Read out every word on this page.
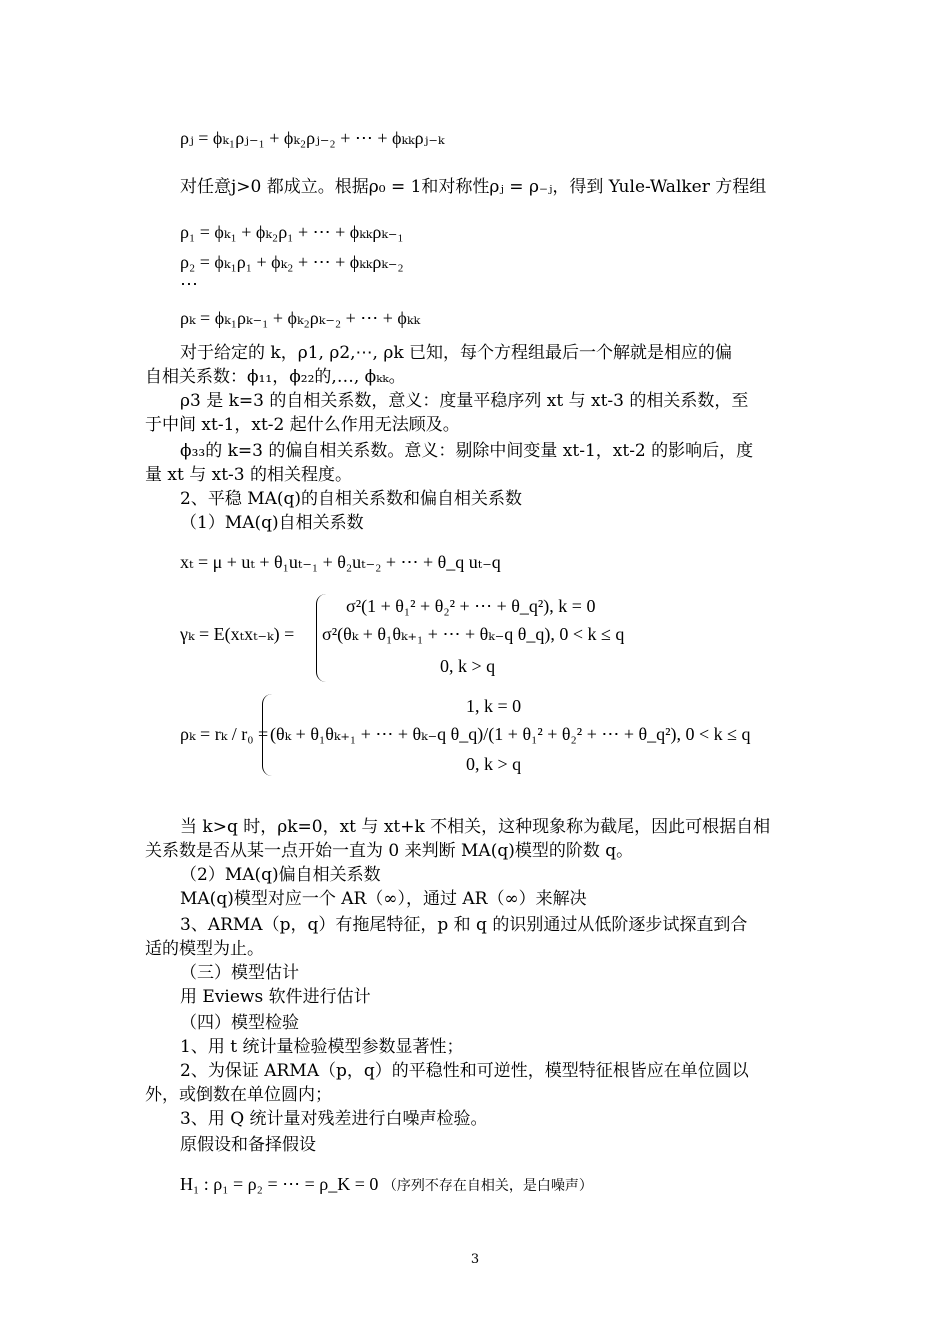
ρⱼ = ϕₖ₁ρⱼ₋₁ + ϕₖ₂ρⱼ₋₂ + ⋯ + ϕₖₖρⱼ₋ₖ
对任意j>0 都成立。根据ρ₀ = 1和对称性ρⱼ = ρ₋ⱼ，得到 Yule-Walker 方程组
ρ₁ = ϕₖ₁ + ϕₖ₂ρ₁ + ⋯ + ϕₖₖρₖ₋₁
ρ₂ = ϕₖ₁ρ₁ + ϕₖ₂ + ⋯ + ϕₖₖρₖ₋₂
⋯
ρₖ = ϕₖ₁ρₖ₋₁ + ϕₖ₂ρₖ₋₂ + ⋯ + ϕₖₖ
对于给定的 k，ρ1, ρ2,⋯, ρk 已知，每个方程组最后一个解就是相应的偏
自相关系数：ϕ₁₁，ϕ₂₂的,…, ϕₖₖ。
ρ3 是 k=3 的自相关系数，意义：度量平稳序列 xt 与 xt-3 的相关系数，至
于中间 xt-1，xt-2 起什么作用无法顾及。
ϕ₃₃的 k=3 的偏自相关系数。意义：剔除中间变量 xt-1，xt-2 的影响后，度
量 xt 与 xt-3 的相关程度。
2、平稳 MA(q)的自相关系数和偏自相关系数
（1）MA(q)自相关系数
xₜ = μ + uₜ + θ₁uₜ₋₁ + θ₂uₜ₋₂ + ⋯ + θ_q uₜ₋q
γₖ = E(xₜxₜ₋ₖ) =
σ²(1 + θ₁² + θ₂² + ⋯ + θ_q²), k = 0
σ²(θₖ + θ₁θₖ₊₁ + ⋯ + θₖ₋q θ_q), 0 < k ≤ q
0, k > q
ρₖ = rₖ / r₀ =
1, k = 0
(θₖ + θ₁θₖ₊₁ + ⋯ + θₖ₋q θ_q)/(1 + θ₁² + θ₂² + ⋯ + θ_q²), 0 < k ≤ q
0, k > q
当 k>q 时，ρk=0，xt 与 xt+k 不相关，这种现象称为截尾，因此可根据自相
关系数是否从某一点开始一直为 0 来判断 MA(q)模型的阶数 q。
（2）MA(q)偏自相关系数
MA(q)模型对应一个 AR（∞），通过 AR（∞）来解决
3、ARMA（p，q）有拖尾特征，p 和 q 的识别通过从低阶逐步试探直到合
适的模型为止。
（三）模型估计
用 Eviews 软件进行估计
（四）模型检验
1、用 t 统计量检验模型参数显著性；
2、为保证 ARMA（p，q）的平稳性和可逆性，模型特征根皆应在单位圆以
外，或倒数在单位圆内；
3、用 Q 统计量对残差进行白噪声检验。
原假设和备择假设
H₁ : ρ₁ = ρ₂ = ⋯ = ρ_K = 0 （序列不存在自相关，是白噪声）
3
